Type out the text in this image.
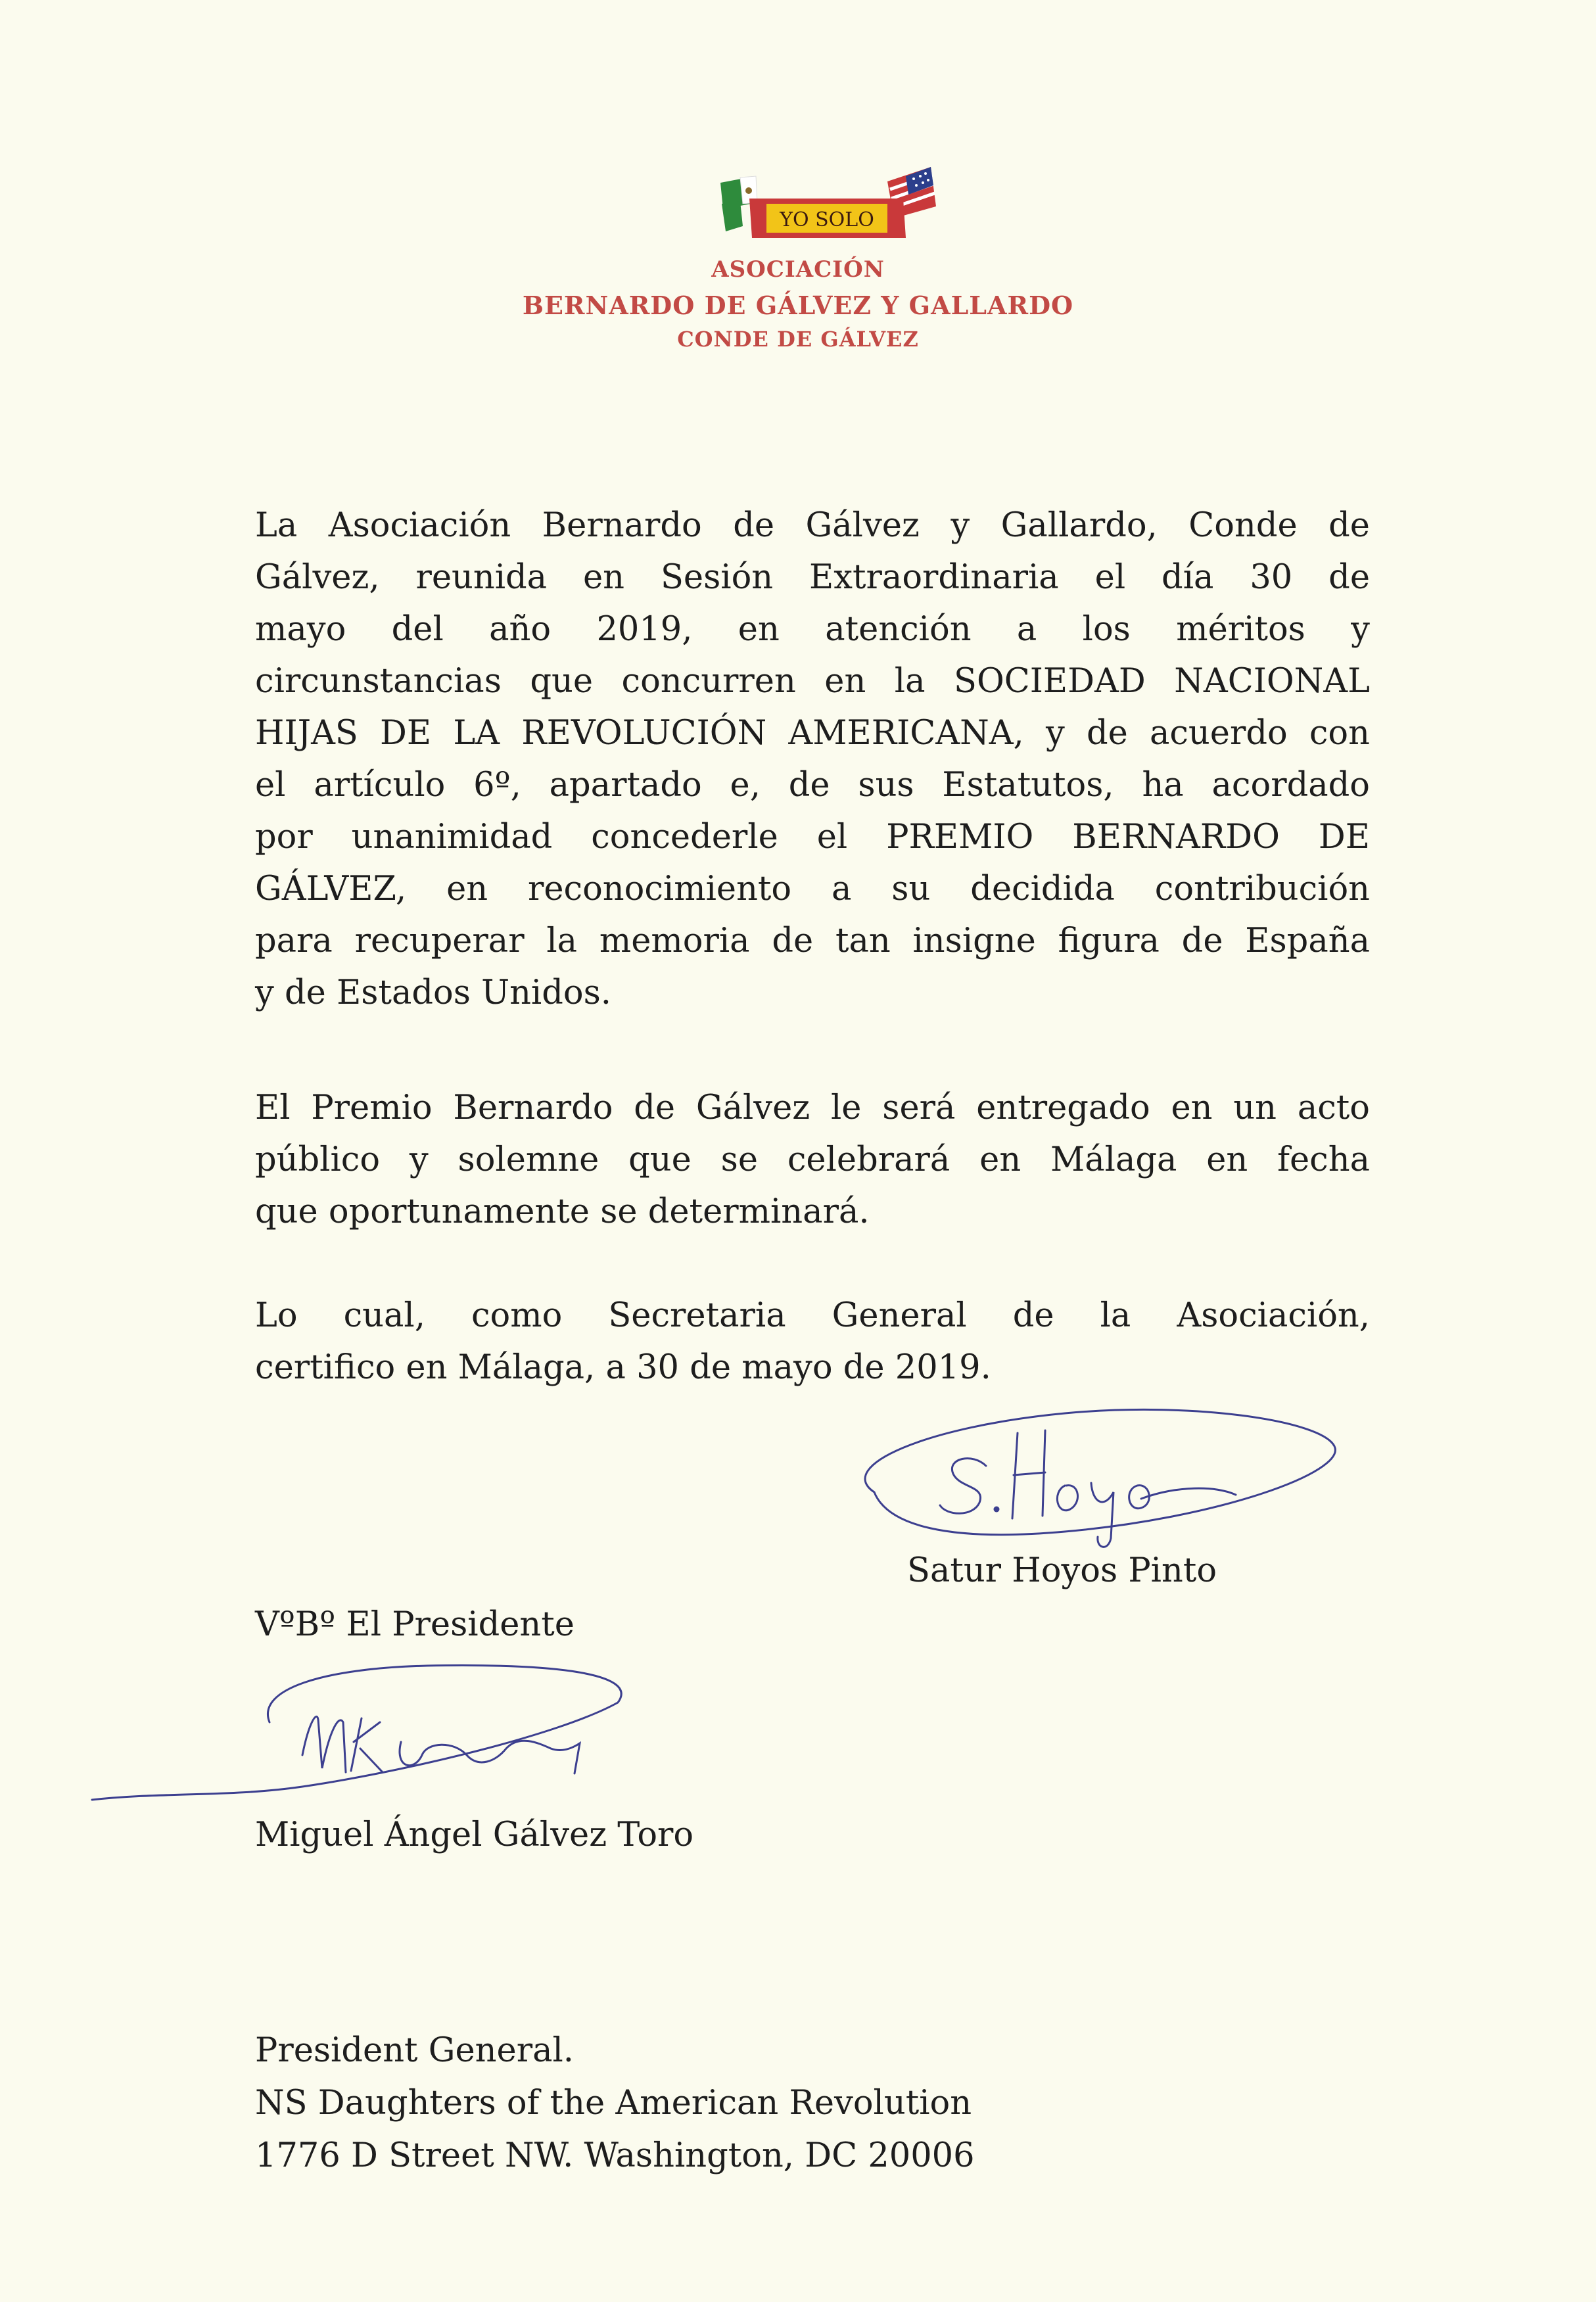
YO SOLO
ASOCIACIÓN
BERNARDO DE GÁLVEZ Y GALLARDO
CONDE DE GÁLVEZ
La Asociación Bernardo de Gálvez y Gallardo, Conde de
Gálvez, reunida en Sesión Extraordinaria el día 30 de
mayo del año 2019, en atención a los méritos y
circunstancias que concurren en la SOCIEDAD NACIONAL
HIJAS DE LA REVOLUCIÓN AMERICANA, y de acuerdo con
el artículo 6º, apartado e, de sus Estatutos, ha acordado
por unanimidad concederle el PREMIO BERNARDO DE
GÁLVEZ, en reconocimiento a su decidida contribución
para recuperar la memoria de tan insigne figura de España
y de Estados Unidos.
El Premio Bernardo de Gálvez le será entregado en un acto
público y solemne que se celebrará en Málaga en fecha
que oportunamente se determinará.
Lo cual, como Secretaria General de la Asociación,
certifico en Málaga, a 30 de mayo de 2019.
Satur Hoyos Pinto
VºBº El Presidente
Miguel Ángel Gálvez Toro
President General.
NS Daughters of the American Revolution
1776 D Street NW. Washington, DC 20006
